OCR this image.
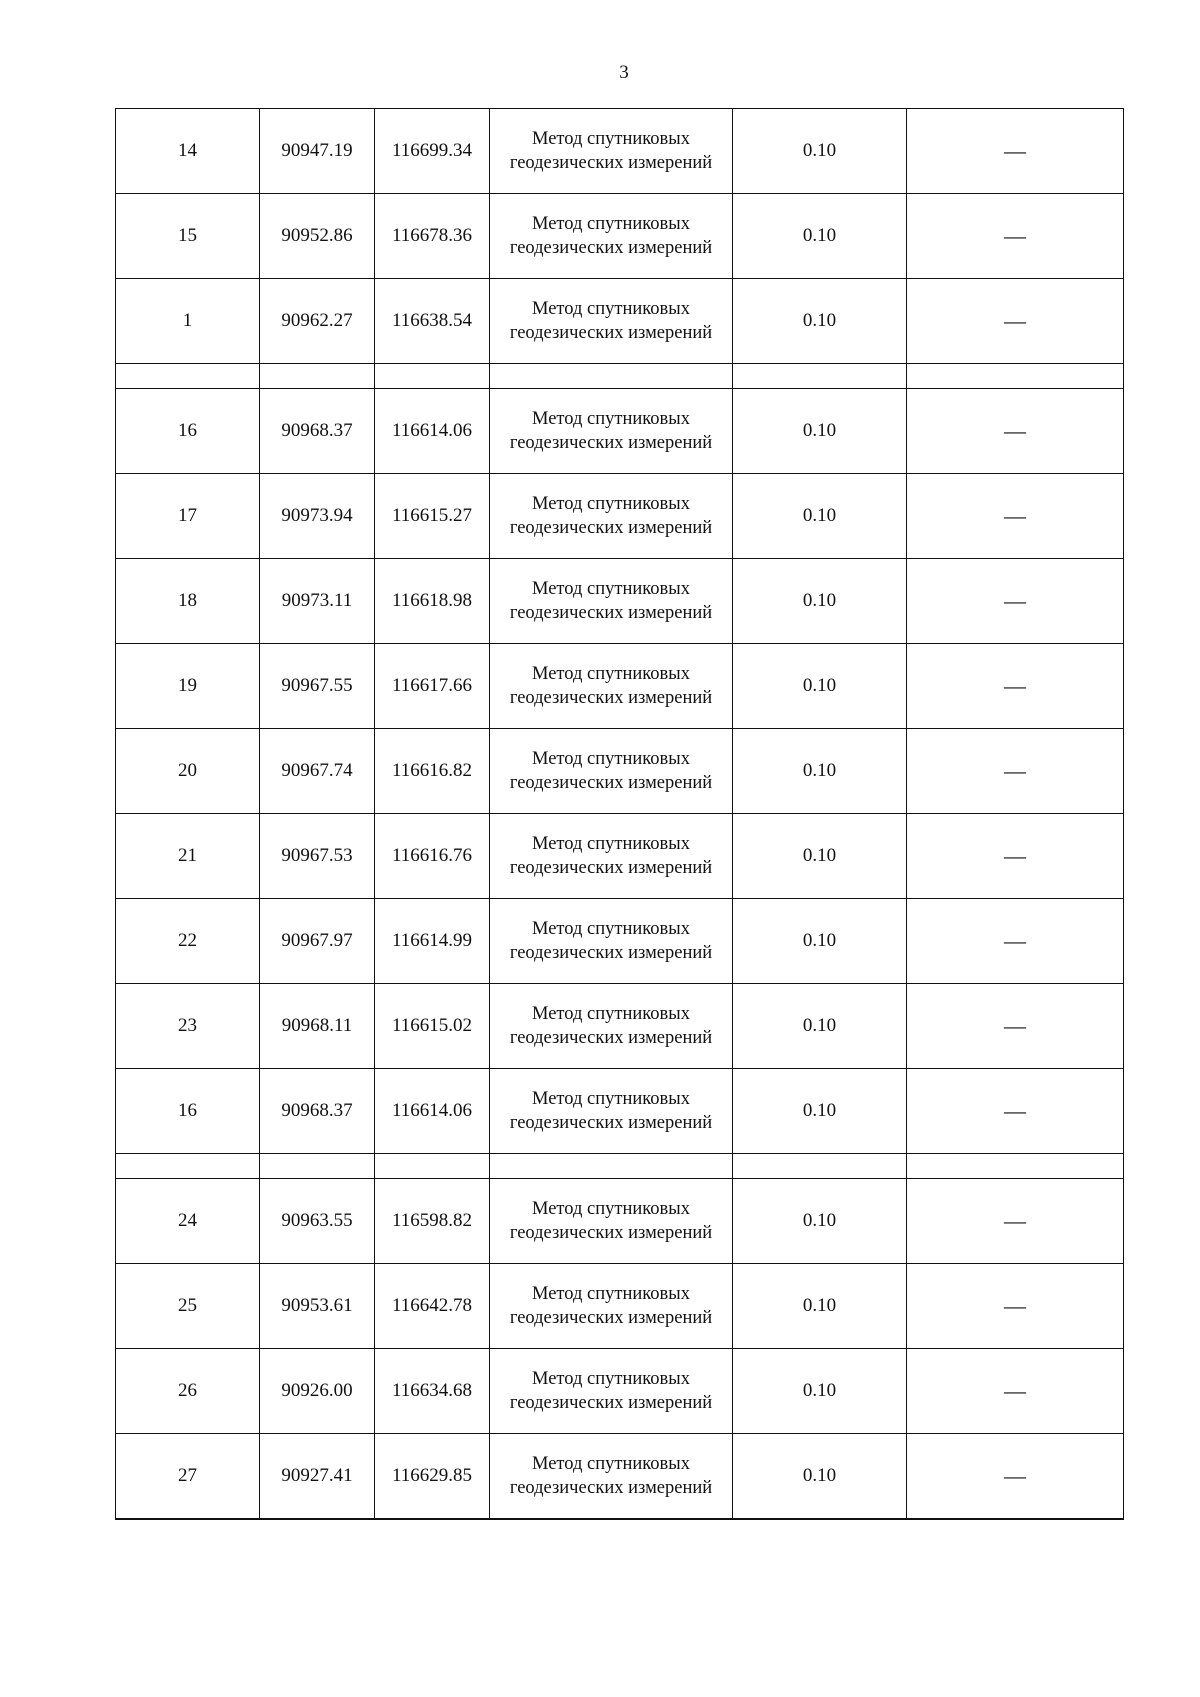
3
14	90947.19	116699.34	Метод спутниковых
геодезических измерений	0.10	—
15	90952.86	116678.36	Метод спутниковых
геодезических измерений	0.10	—
1	90962.27	116638.54	Метод спутниковых
геодезических измерений	0.10	—

16	90968.37	116614.06	Метод спутниковых
геодезических измерений	0.10	—
17	90973.94	116615.27	Метод спутниковых
геодезических измерений	0.10	—
18	90973.11	116618.98	Метод спутниковых
геодезических измерений	0.10	—
19	90967.55	116617.66	Метод спутниковых
геодезических измерений	0.10	—
20	90967.74	116616.82	Метод спутниковых
геодезических измерений	0.10	—
21	90967.53	116616.76	Метод спутниковых
геодезических измерений	0.10	—
22	90967.97	116614.99	Метод спутниковых
геодезических измерений	0.10	—
23	90968.11	116615.02	Метод спутниковых
геодезических измерений	0.10	—
16	90968.37	116614.06	Метод спутниковых
геодезических измерений	0.10	—

24	90963.55	116598.82	Метод спутниковых
геодезических измерений	0.10	—
25	90953.61	116642.78	Метод спутниковых
геодезических измерений	0.10	—
26	90926.00	116634.68	Метод спутниковых
геодезических измерений	0.10	—
27	90927.41	116629.85	Метод спутниковых
геодезических измерений	0.10	—
